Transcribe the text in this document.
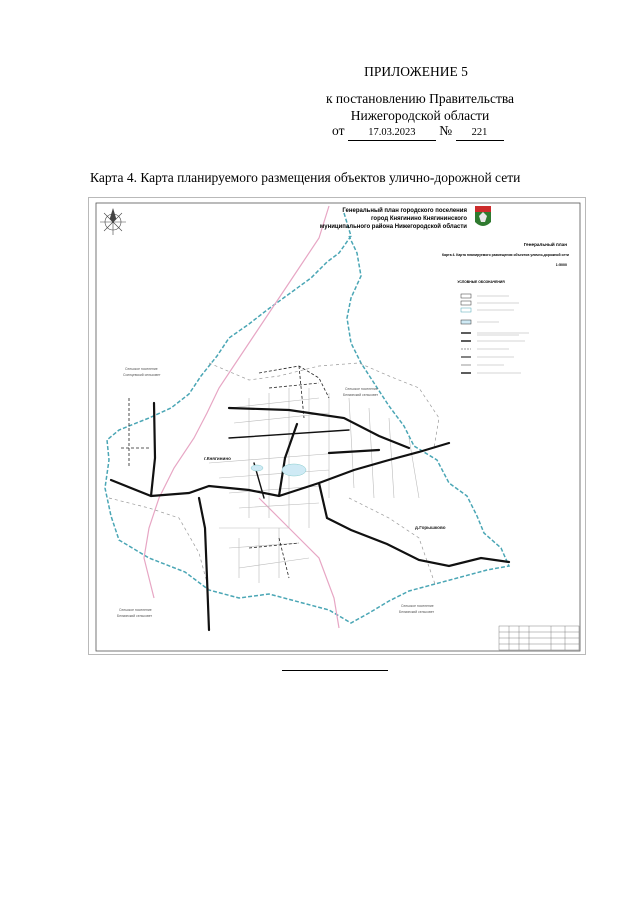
ПРИЛОЖЕНИЕ 5
к постановлению Правительства
Нижегородской области
от 17.03.2023 № 221
Карта 4. Карта планируемого размещения объектов улично-дорожной сети
Генеральный план городского поселения
город Княгинино Княгининского
муниципального района Нижегородской области
Генеральный план
Карта 4. Карта планируемого размещения объектов улично-дорожной сети
1:5000
УСЛОВНЫЕ ОБОЗНАЧЕНИЯ
г.Княгинино
д.Горышково
Сельское поселение
Солнцевский сельсовет
Сельское поселение
Белкинский сельсовет
Сельское поселение
Белкинский сельсовет
Сельское поселение
Белкинский сельсовет
